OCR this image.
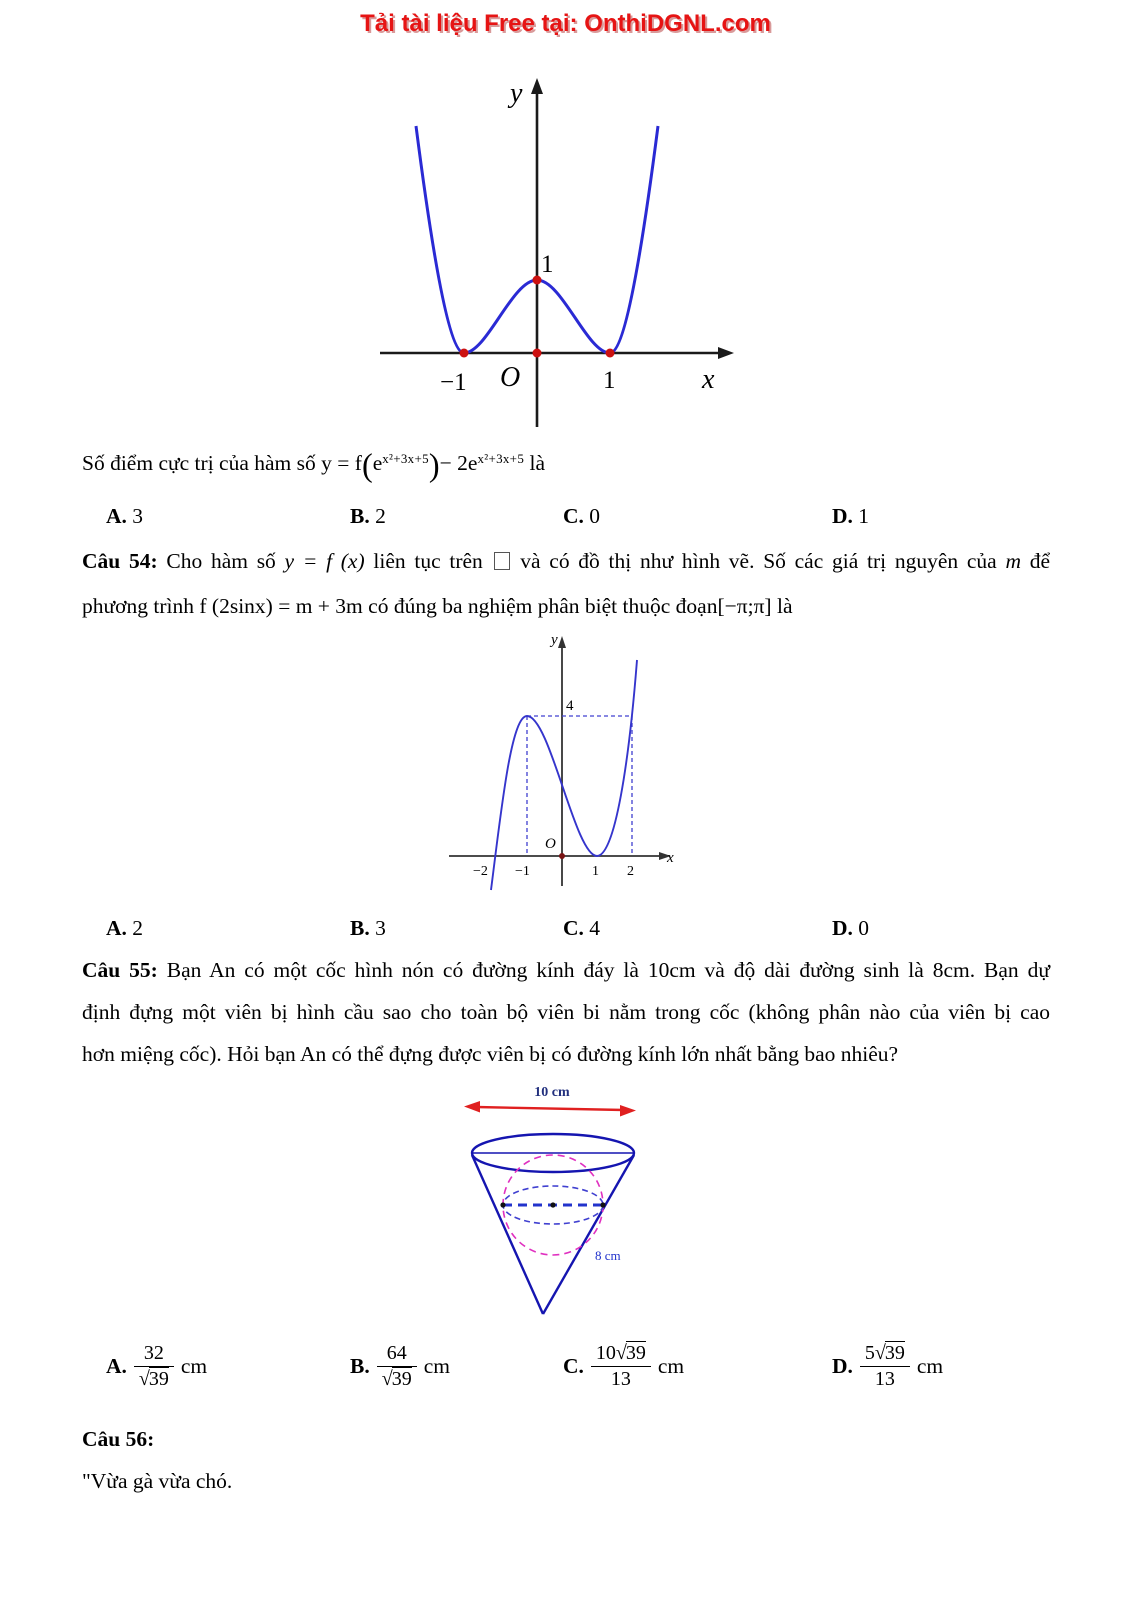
Tải tài liệu Free tại: OnthiDGNL.com
y
x
O
−1	1
1
Số điểm cực trị của hàm số $y = f(e^{x^2+3x+5})- 2e^{x^2+3x+5}$ là
A. 3	B. 2	C. 0	D. 1
Câu 54: Cho hàm số y = f (x) liên tục trên  và có đồ thị như hình vẽ. Số các giá trị nguyên của m để
phương trình f (2sinx) = m + 3m có đúng ba nghiệm phân biệt thuộc đoạn[−π;π] là
y
x
4
O
−2 −1	1 2
A. 2	B. 3	C. 4	D. 0
Câu 55: Bạn An có một cốc hình nón có đường kính đáy là 10cm và độ dài đường sinh là 8cm. Bạn dự
định đựng một viên bị hình cầu sao cho toàn bộ viên bi nằm trong cốc (không phân nào của viên bị cao
hơn miệng cốc). Hỏi bạn An có thể đựng được viên bị có đường kính lớn nhất bằng bao nhiêu?
10 cm
8 cm
A. $\frac{32}{√39}$ cm	B. $\frac{64}{√39}$ cm	C. $\frac{10√39}{13}$ cm	D. $\frac{5√39}{13}$ cm
Câu 56:
"Vừa gà vừa chó.
